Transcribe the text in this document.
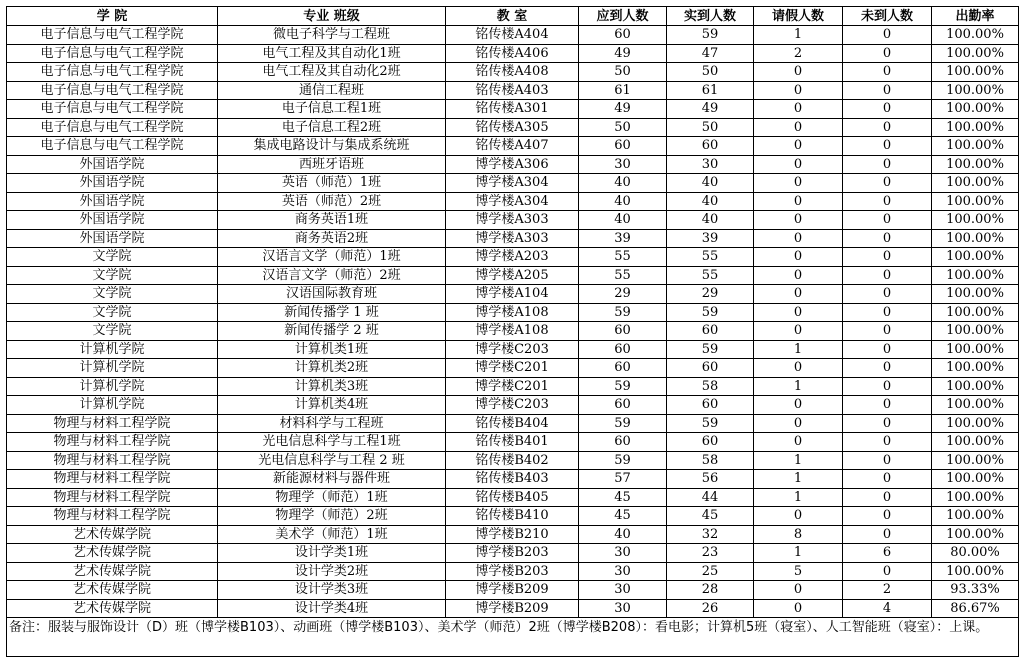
学 院	专业 班级	教 室	应到人数	实到人数	请假人数	未到人数	出勤率
电子信息与电气工程学院	微电子科学与工程班	铭传楼A404	60	59	1	0	100.00%
电子信息与电气工程学院	电气工程及其自动化1班	铭传楼A406	49	47	2	0	100.00%
电子信息与电气工程学院	电气工程及其自动化2班	铭传楼A408	50	50	0	0	100.00%
电子信息与电气工程学院	通信工程班	铭传楼A403	61	61	0	0	100.00%
电子信息与电气工程学院	电子信息工程1班	铭传楼A301	49	49	0	0	100.00%
电子信息与电气工程学院	电子信息工程2班	铭传楼A305	50	50	0	0	100.00%
电子信息与电气工程学院	集成电路设计与集成系统班	铭传楼A407	60	60	0	0	100.00%
外国语学院	西班牙语班	博学楼A306	30	30	0	0	100.00%
外国语学院	英语（师范）1班	博学楼A304	40	40	0	0	100.00%
外国语学院	英语（师范）2班	博学楼A304	40	40	0	0	100.00%
外国语学院	商务英语1班	博学楼A303	40	40	0	0	100.00%
外国语学院	商务英语2班	博学楼A303	39	39	0	0	100.00%
文学院	汉语言文学（师范）1班	博学楼A203	55	55	0	0	100.00%
文学院	汉语言文学（师范）2班	博学楼A205	55	55	0	0	100.00%
文学院	汉语国际教育班	博学楼A104	29	29	0	0	100.00%
文学院	新闻传播学 1 班	博学楼A108	59	59	0	0	100.00%
文学院	新闻传播学 2 班	博学楼A108	60	60	0	0	100.00%
计算机学院	计算机类1班	博学楼C203	60	59	1	0	100.00%
计算机学院	计算机类2班	博学楼C201	60	60	0	0	100.00%
计算机学院	计算机类3班	博学楼C201	59	58	1	0	100.00%
计算机学院	计算机类4班	博学楼C203	60	60	0	0	100.00%
物理与材料工程学院	材料科学与工程班	铭传楼B404	59	59	0	0	100.00%
物理与材料工程学院	光电信息科学与工程1班	铭传楼B401	60	60	0	0	100.00%
物理与材料工程学院	光电信息科学与工程 2 班	铭传楼B402	59	58	1	0	100.00%
物理与材料工程学院	新能源材料与器件班	铭传楼B403	57	56	1	0	100.00%
物理与材料工程学院	物理学（师范）1班	铭传楼B405	45	44	1	0	100.00%
物理与材料工程学院	物理学（师范）2班	铭传楼B410	45	45	0	0	100.00%
艺术传媒学院	美术学（师范）1班	博学楼B210	40	32	8	0	100.00%
艺术传媒学院	设计学类1班	博学楼B203	30	23	1	6	80.00%
艺术传媒学院	设计学类2班	博学楼B203	30	25	5	0	100.00%
艺术传媒学院	设计学类3班	博学楼B209	30	28	0	2	93.33%
艺术传媒学院	设计学类4班	博学楼B209	30	26	0	4	86.67%
备注：服装与服饰设计（D）班（博学楼B103）、动画班（博学楼B103）、美术学（师范）2班（博学楼B208）：看电影；计算机5班（寝室）、人工智能班（寝室）：上课。							
